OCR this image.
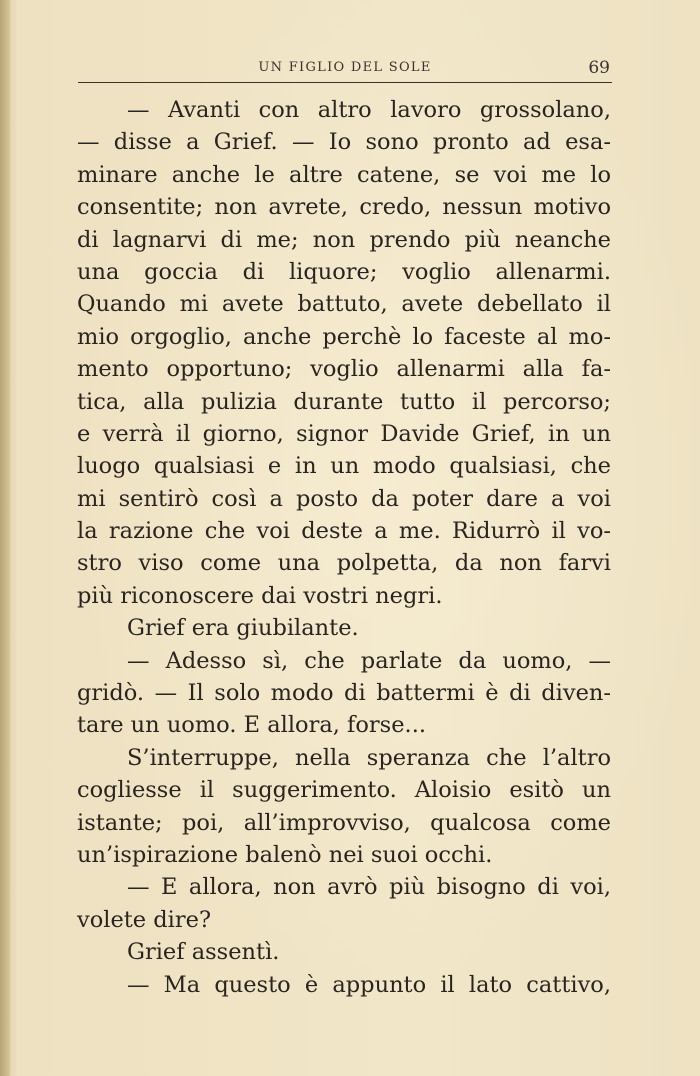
UN FIGLIO DEL SOLE	69
— Avanti con altro lavoro grossolano,
— disse a Grief. — Io sono pronto ad esa-
minare anche le altre catene, se voi me lo
consentite; non avrete, credo, nessun motivo
di lagnarvi di me; non prendo più neanche
una goccia di liquore; voglio allenarmi.
Quando mi avete battuto, avete debellato il
mio orgoglio, anche perchè lo faceste al mo-
mento opportuno; voglio allenarmi alla fa-
tica, alla pulizia durante tutto il percorso;
e verrà il giorno, signor Davide Grief, in un
luogo qualsiasi e in un modo qualsiasi, che
mi sentirò così a posto da poter dare a voi
la razione che voi deste a me. Ridurrò il vo-
stro viso come una polpetta, da non farvi
più riconoscere dai vostri negri.
Grief era giubilante.
— Adesso sì, che parlate da uomo, —
gridò. — Il solo modo di battermi è di diven-
tare un uomo. E allora, forse...
S’interruppe, nella speranza che l’altro
cogliesse il suggerimento. Aloisio esitò un
istante; poi, all’improvviso, qualcosa come
un’ispirazione balenò nei suoi occhi.
— E allora, non avrò più bisogno di voi,
volete dire?
Grief assentì.
— Ma questo è appunto il lato cattivo,
